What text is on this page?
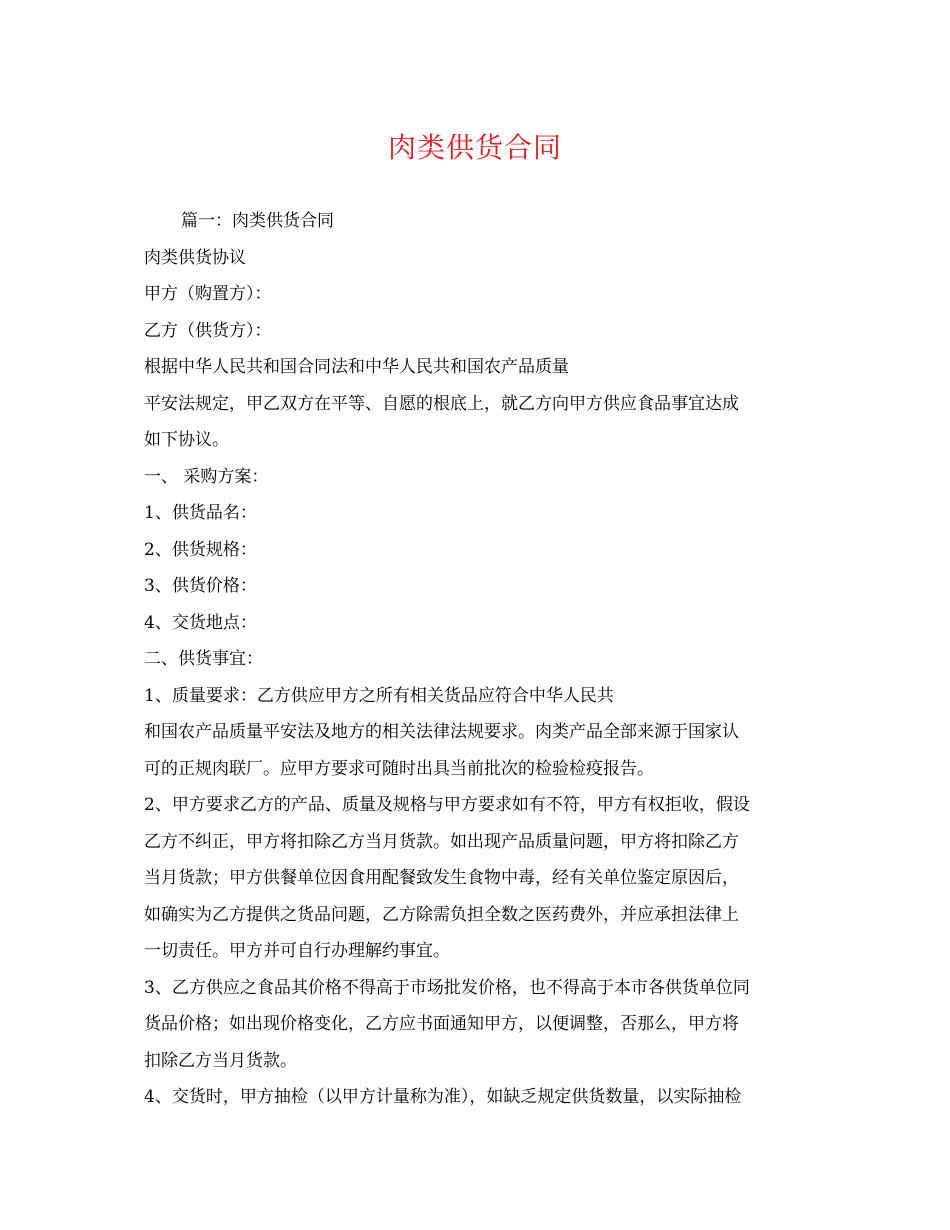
肉类供货合同
篇一：肉类供货合同
肉类供货协议
甲方（购置方）：
乙方（供货方）：
根据中华人民共和国合同法和中华人民共和国农产品质量
平安法规定，甲乙双方在平等、自愿的根底上，就乙方向甲方供应食品事宜达成
如下协议。
一、 采购方案：
1、供货品名：
2、供货规格：
3、供货价格：
4、交货地点：
二、供货事宜：
1、质量要求：乙方供应甲方之所有相关货品应符合中华人民共
和国农产品质量平安法及地方的相关法律法规要求。肉类产品全部来源于国家认
可的正规肉联厂。应甲方要求可随时出具当前批次的检验检疫报告。
2、甲方要求乙方的产品、质量及规格与甲方要求如有不符，甲方有权拒收，假设
乙方不纠正，甲方将扣除乙方当月货款。如出现产品质量问题，甲方将扣除乙方
当月货款；甲方供餐单位因食用配餐致发生食物中毒，经有关单位鉴定原因后，
如确实为乙方提供之货品问题，乙方除需负担全数之医药费外，并应承担法律上
一切责任。甲方并可自行办理解约事宜。
3、乙方供应之食品其价格不得高于市场批发价格，也不得高于本市各供货单位同
货品价格；如出现价格变化，乙方应书面通知甲方，以便调整，否那么，甲方将
扣除乙方当月货款。
4、交货时，甲方抽检（以甲方计量称为准），如缺乏规定供货数量，以实际抽检
